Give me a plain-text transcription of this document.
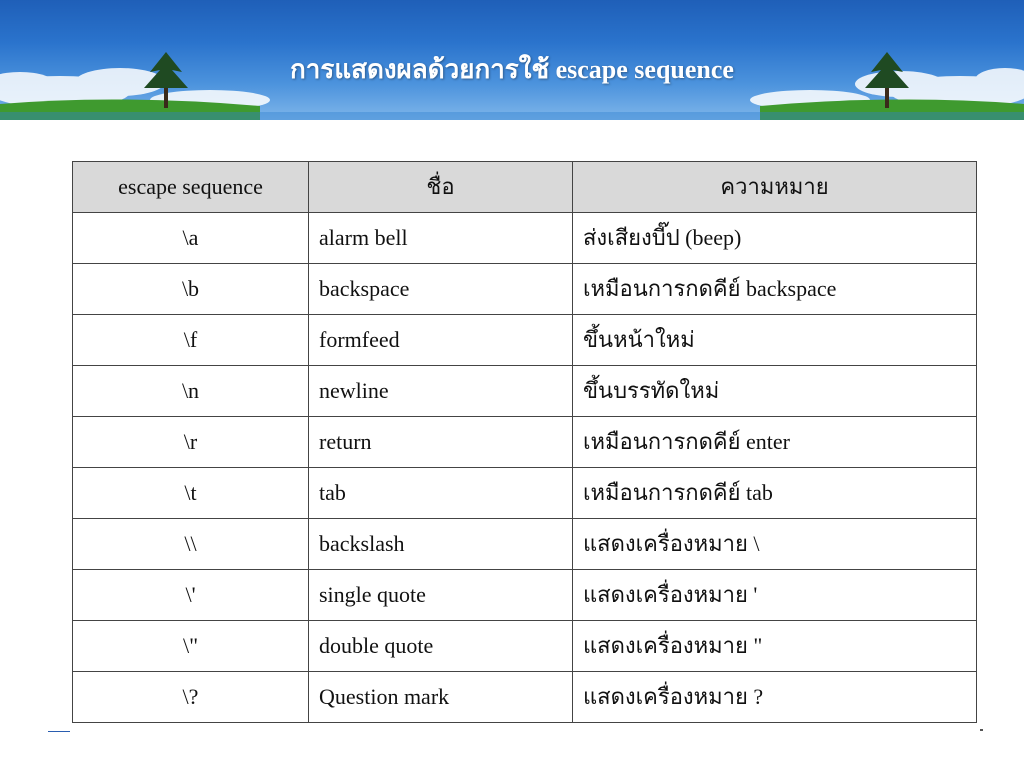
การแสดงผลด้วยการใช้ escape sequence
escape sequence	ชื่อ	ความหมาย
\a	alarm bell	ส่งเสียงบี๊ป (beep)
\b	backspace	เหมือนการกดคีย์ backspace
\f	formfeed	ขึ้นหน้าใหม่
\n	newline	ขึ้นบรรทัดใหม่
\r	return	เหมือนการกดคีย์ enter
\t	tab	เหมือนการกดคีย์ tab
\\	backslash	แสดงเครื่องหมาย \
\'	single quote	แสดงเครื่องหมาย '
\"	double quote	แสดงเครื่องหมาย "
\?	Question mark	แสดงเครื่องหมาย ?
